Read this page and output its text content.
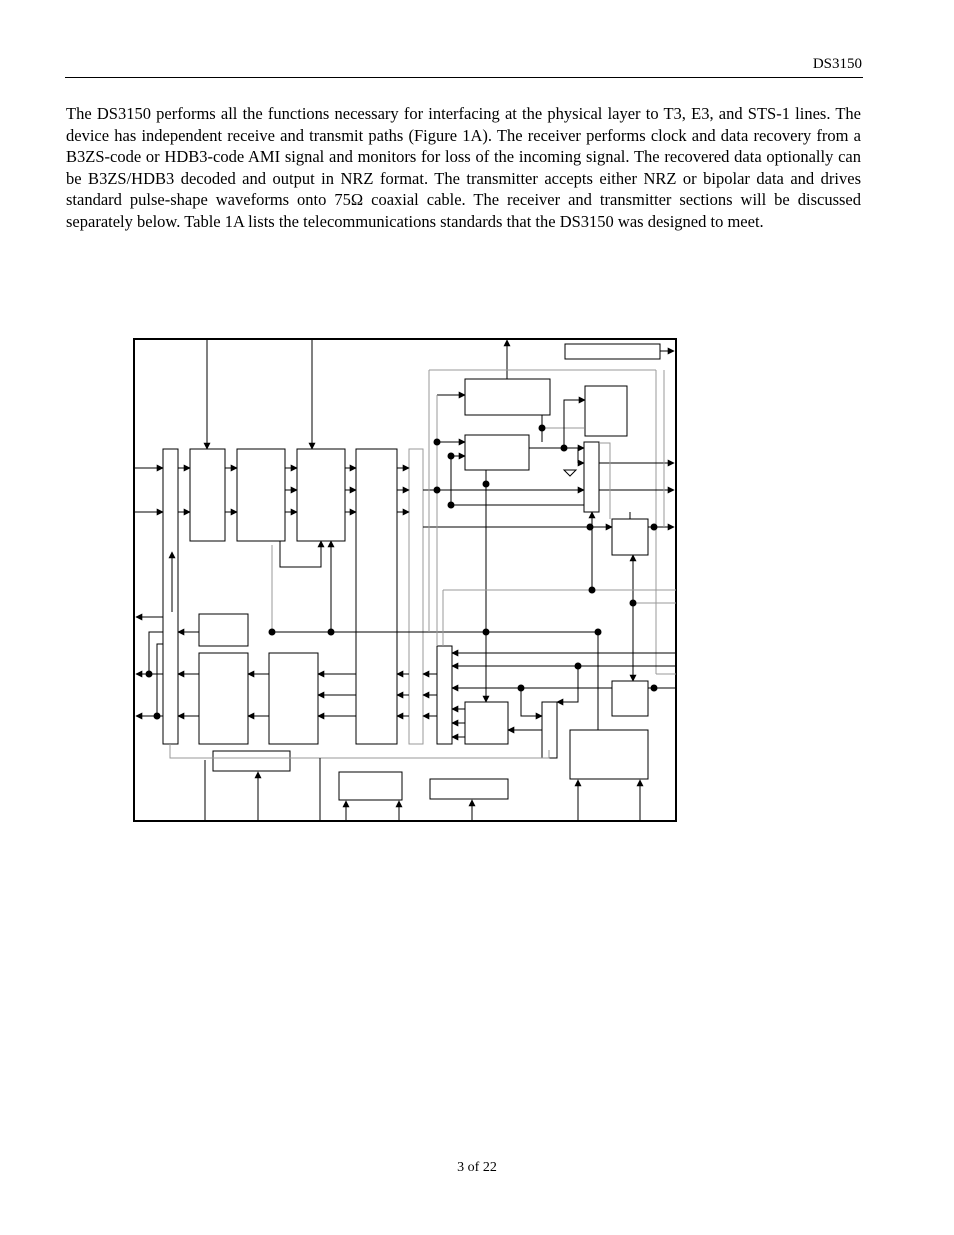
DS3150

The DS3150 performs all the functions necessary for interfacing at the physical layer to T3, E3, and STS-1 lines. The device has independent receive and transmit paths (Figure 1A). The receiver performs clock and data recovery from a B3ZS-code or HDB3-code AMI signal and monitors for loss of the incoming signal. The recovered data optionally can be B3ZS/HDB3 decoded and output in NRZ format. The transmitter accepts either NRZ or bipolar data and drives standard pulse-shape waveforms onto 75Ω coaxial cable. The receiver and transmitter sections will be discussed separately below. Table 1A lists the telecommunications standards that the DS3150 was designed to meet.

3 of 22
